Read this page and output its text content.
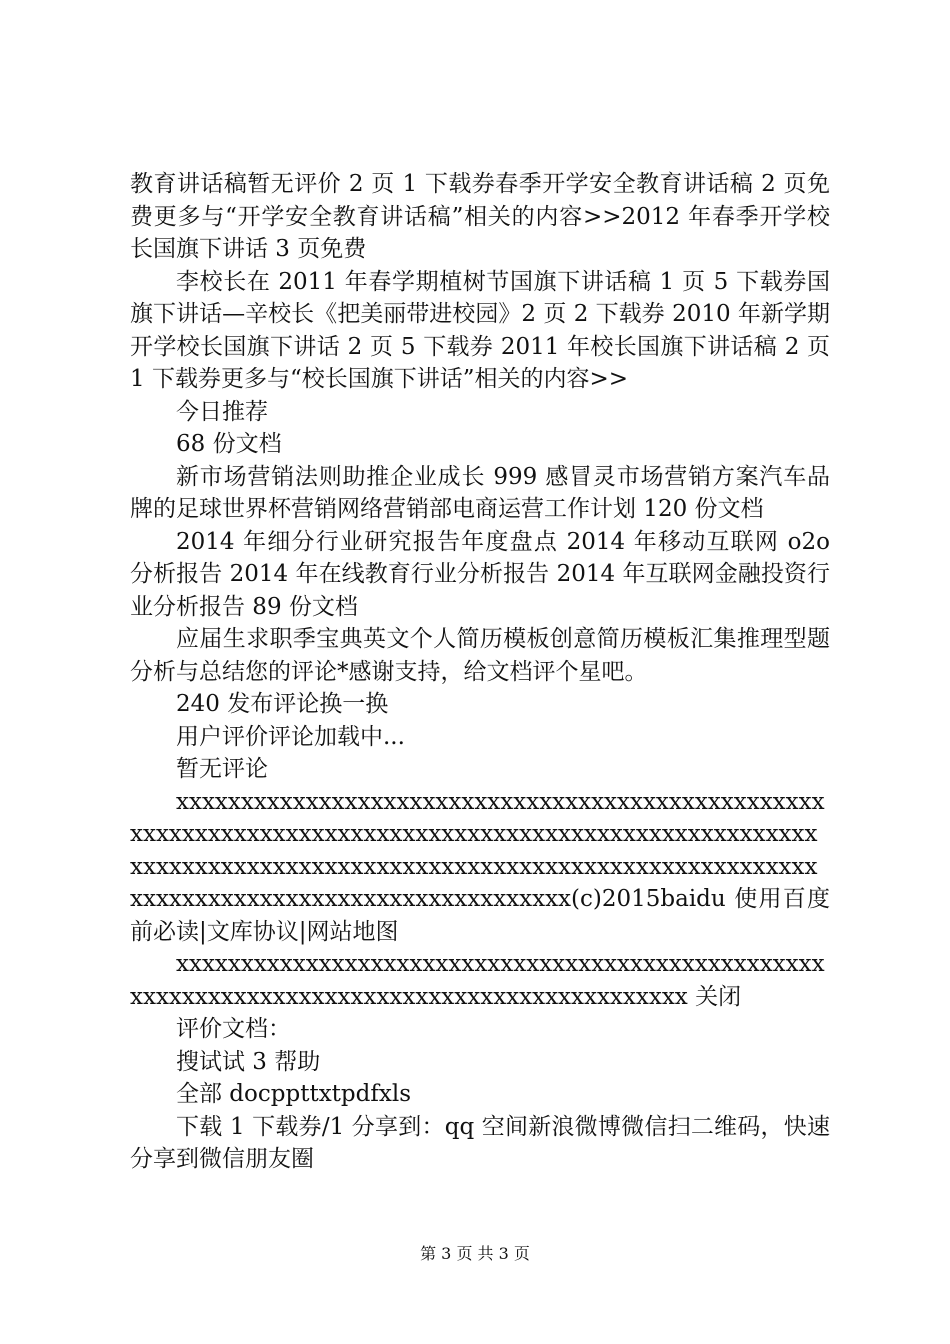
教育讲话稿暂无评价 2 页 1 下载券春季开学安全教育讲话稿 2 页免费更多与“开学安全教育讲话稿”相关的内容>>2012 年春季开学校长国旗下讲话 3 页免费

李校长在 2011 年春学期植树节国旗下讲话稿 1 页 5 下载券国旗下讲话—辛校长《把美丽带进校园》2 页 2 下载券 2010 年新学期开学校长国旗下讲话 2 页 5 下载券 2011 年校长国旗下讲话稿 2 页 1 下载券更多与“校长国旗下讲话”相关的内容>>

今日推荐

68 份文档

新市场营销法则助推企业成长 999 感冒灵市场营销方案汽车品牌的足球世界杯营销网络营销部电商运营工作计划 120 份文档

2014 年细分行业研究报告年度盘点 2014 年移动互联网 o2o 分析报告 2014 年在线教育行业分析报告 2014 年互联网金融投资行业分析报告 89 份文档

应届生求职季宝典英文个人简历模板创意简历模板汇集推理型题分析与总结您的评论*感谢支持，给文档评个星吧。

240 发布评论换一换

用户评价评论加载中...

暂无评论

xxxxxxxxxxxxxxxxxxxxxxxxxxxxxxxxxxxxxxxxxxxxxxxxxxxxxxxxxxxxxxxxxxxxxxxxxxxxxxxxxxxxxxxxxxxxxxxxxxxxxxxxxxxxxxxxxxxxxxxxxxxxxxxxxxxxxxxxxxxxxxxxxxxxxxxxxxxxxxxxxxxxxxxxxxxxxxxxxxxxxxxxxxxxxx(c)2015baidu 使用百度前必读|文库协议|网站地图

xxxxxxxxxxxxxxxxxxxxxxxxxxxxxxxxxxxxxxxxxxxxxxxxxxxxxxxxxxxxxxxxxxxxxxxxxxxxxxxxxxxxxxxxxxxxx 关闭

评价文档：

搜试试 3 帮助

全部 docppttxtpdfxls

下载 1 下载券/1 分享到：qq 空间新浪微博微信扫二维码，快速分享到微信朋友圈

第 3 页 共 3 页
